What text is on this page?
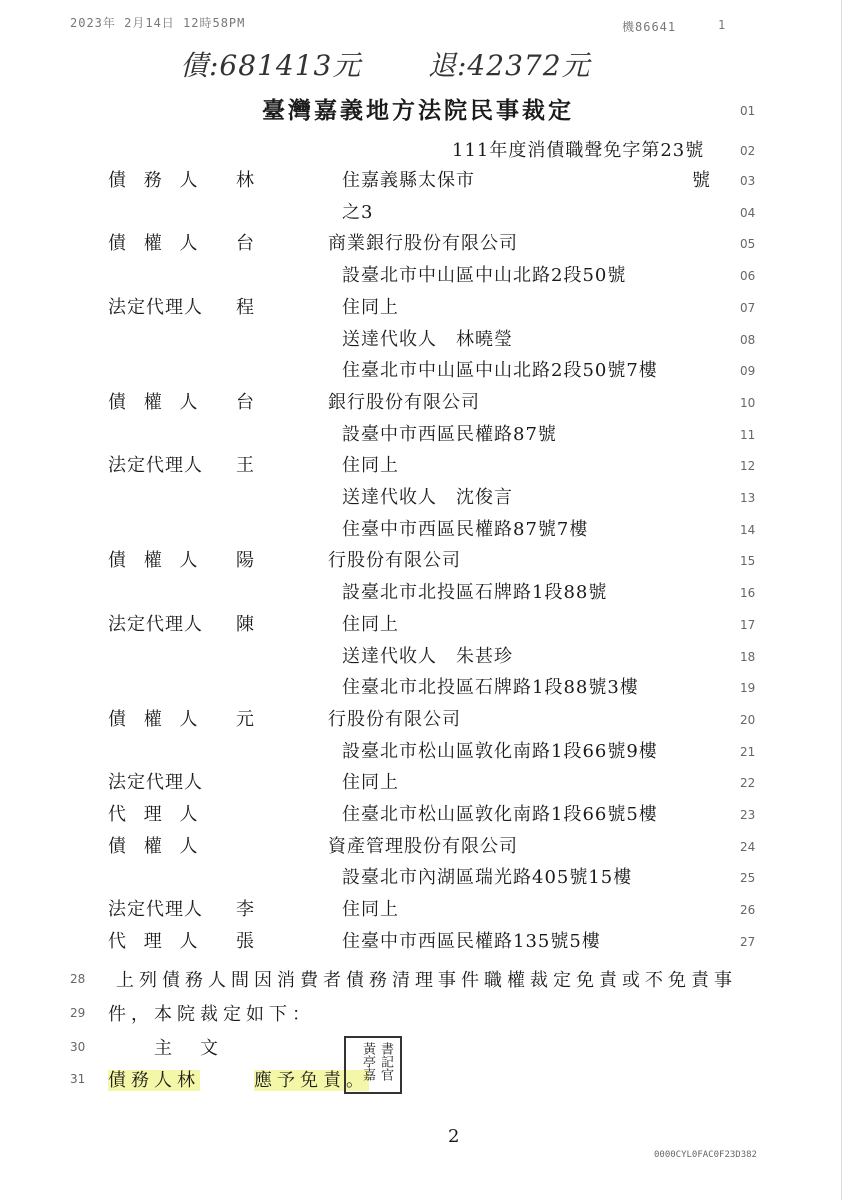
2023年 2月14日 12時58PM	機86641	1
債:681413元 退:42372元
臺灣嘉義地方法院民事裁定	01
111年度消債職聲免字第23號	02
債 務 人 林	住嘉義縣太保市	號 03
之3	04
債 權 人 台	商業銀行股份有限公司	05
設臺北市中山區中山北路2段50號	06
法定代理人 程	住同上	07
送達代收人　林曉瑩	08
住臺北市中山區中山北路2段50號7樓	09
債 權 人 台	銀行股份有限公司	10
設臺中市西區民權路87號	11
法定代理人 王	住同上	12
送達代收人　沈俊言	13
住臺中市西區民權路87號7樓	14
債 權 人 陽	行股份有限公司	15
設臺北市北投區石牌路1段88號	16
法定代理人 陳	住同上	17
送達代收人　朱甚珍	18
住臺北市北投區石牌路1段88號3樓	19
債 權 人 元	行股份有限公司	20
設臺北市松山區敦化南路1段66號9樓	21
法定代理人	住同上	22
代 理 人	住臺北市松山區敦化南路1段66號5樓	23
債 權 人	資產管理股份有限公司	24
設臺北市內湖區瑞光路405號15樓	25
法定代理人 李	住同上	26
代 理 人 張	住臺中市西區民權路135號5樓	27
28 上列債務人間因消費者債務清理事件職權裁定免責或不免責事
29 件，本院裁定如下：
30	主　文
31 債務人林	應予免責。 書記官黃亭嘉
2
0000CYL0FAC0F23D382
